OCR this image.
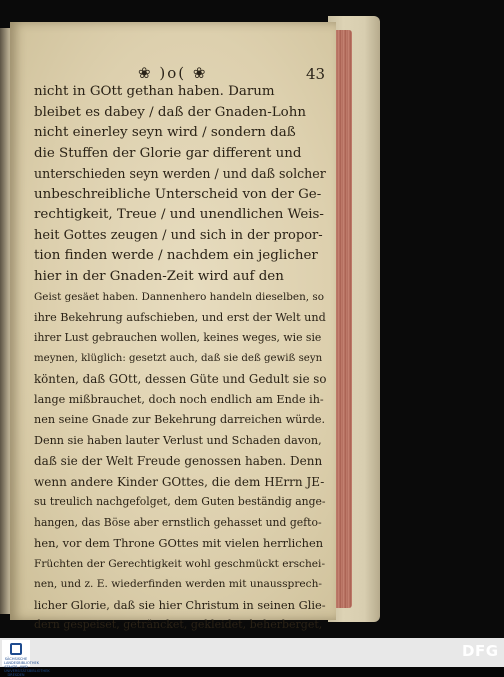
❀ )o( ❀	43
nicht in GOtt gethan haben. Darum
bleibet es dabey / daß der Gnaden-Lohn
nicht einerley seyn wird / sondern daß
die Stuffen der Glorie gar different und
unterschieden seyn werden / und daß solcher
unbeschreibliche Unterscheid von der Ge-
rechtigkeit, Treue / und unendlichen Weis-
heit Gottes zeugen / und sich in der propor-
tion finden werde / nachdem ein jeglicher
hier in der Gnaden-Zeit wird auf den
Geist gesäet haben. Dannenhero handeln dieselben, so
ihre Bekehrung aufschieben, und erst der Welt und
ihrer Lust gebrauchen wollen, keines weges, wie sie
meynen, klüglich: gesetzt auch, daß sie deß gewiß seyn
könten, daß GOtt, dessen Güte und Gedult sie so
lange mißbrauchet, doch noch endlich am Ende ih-
nen seine Gnade zur Bekehrung darreichen würde.
Denn sie haben lauter Verlust und Schaden davon,
daß sie der Welt Freude genossen haben. Denn
wenn andere Kinder GOttes, die dem HErrn JE-
su treulich nachgefolget, dem Guten beständig ange-
hangen, das Böse aber ernstlich gehasset und gefto-
hen, vor dem Throne GOttes mit vielen herrlichen
Früchten der Gerechtigkeit wohl geschmückt erschei-
nen, und z. E. wiederfinden werden mit unaussprech-
licher Glorie, daß sie hier Christum in seinen Glie-
dern gespeiset, geträncket, gekleidet, beherberget,
SÄCHSISCHE LANDESBIBLIOTHEK STAATS- UND UNIVERSITÄTSBIBLIOTHEK DRESDEN
DFG
